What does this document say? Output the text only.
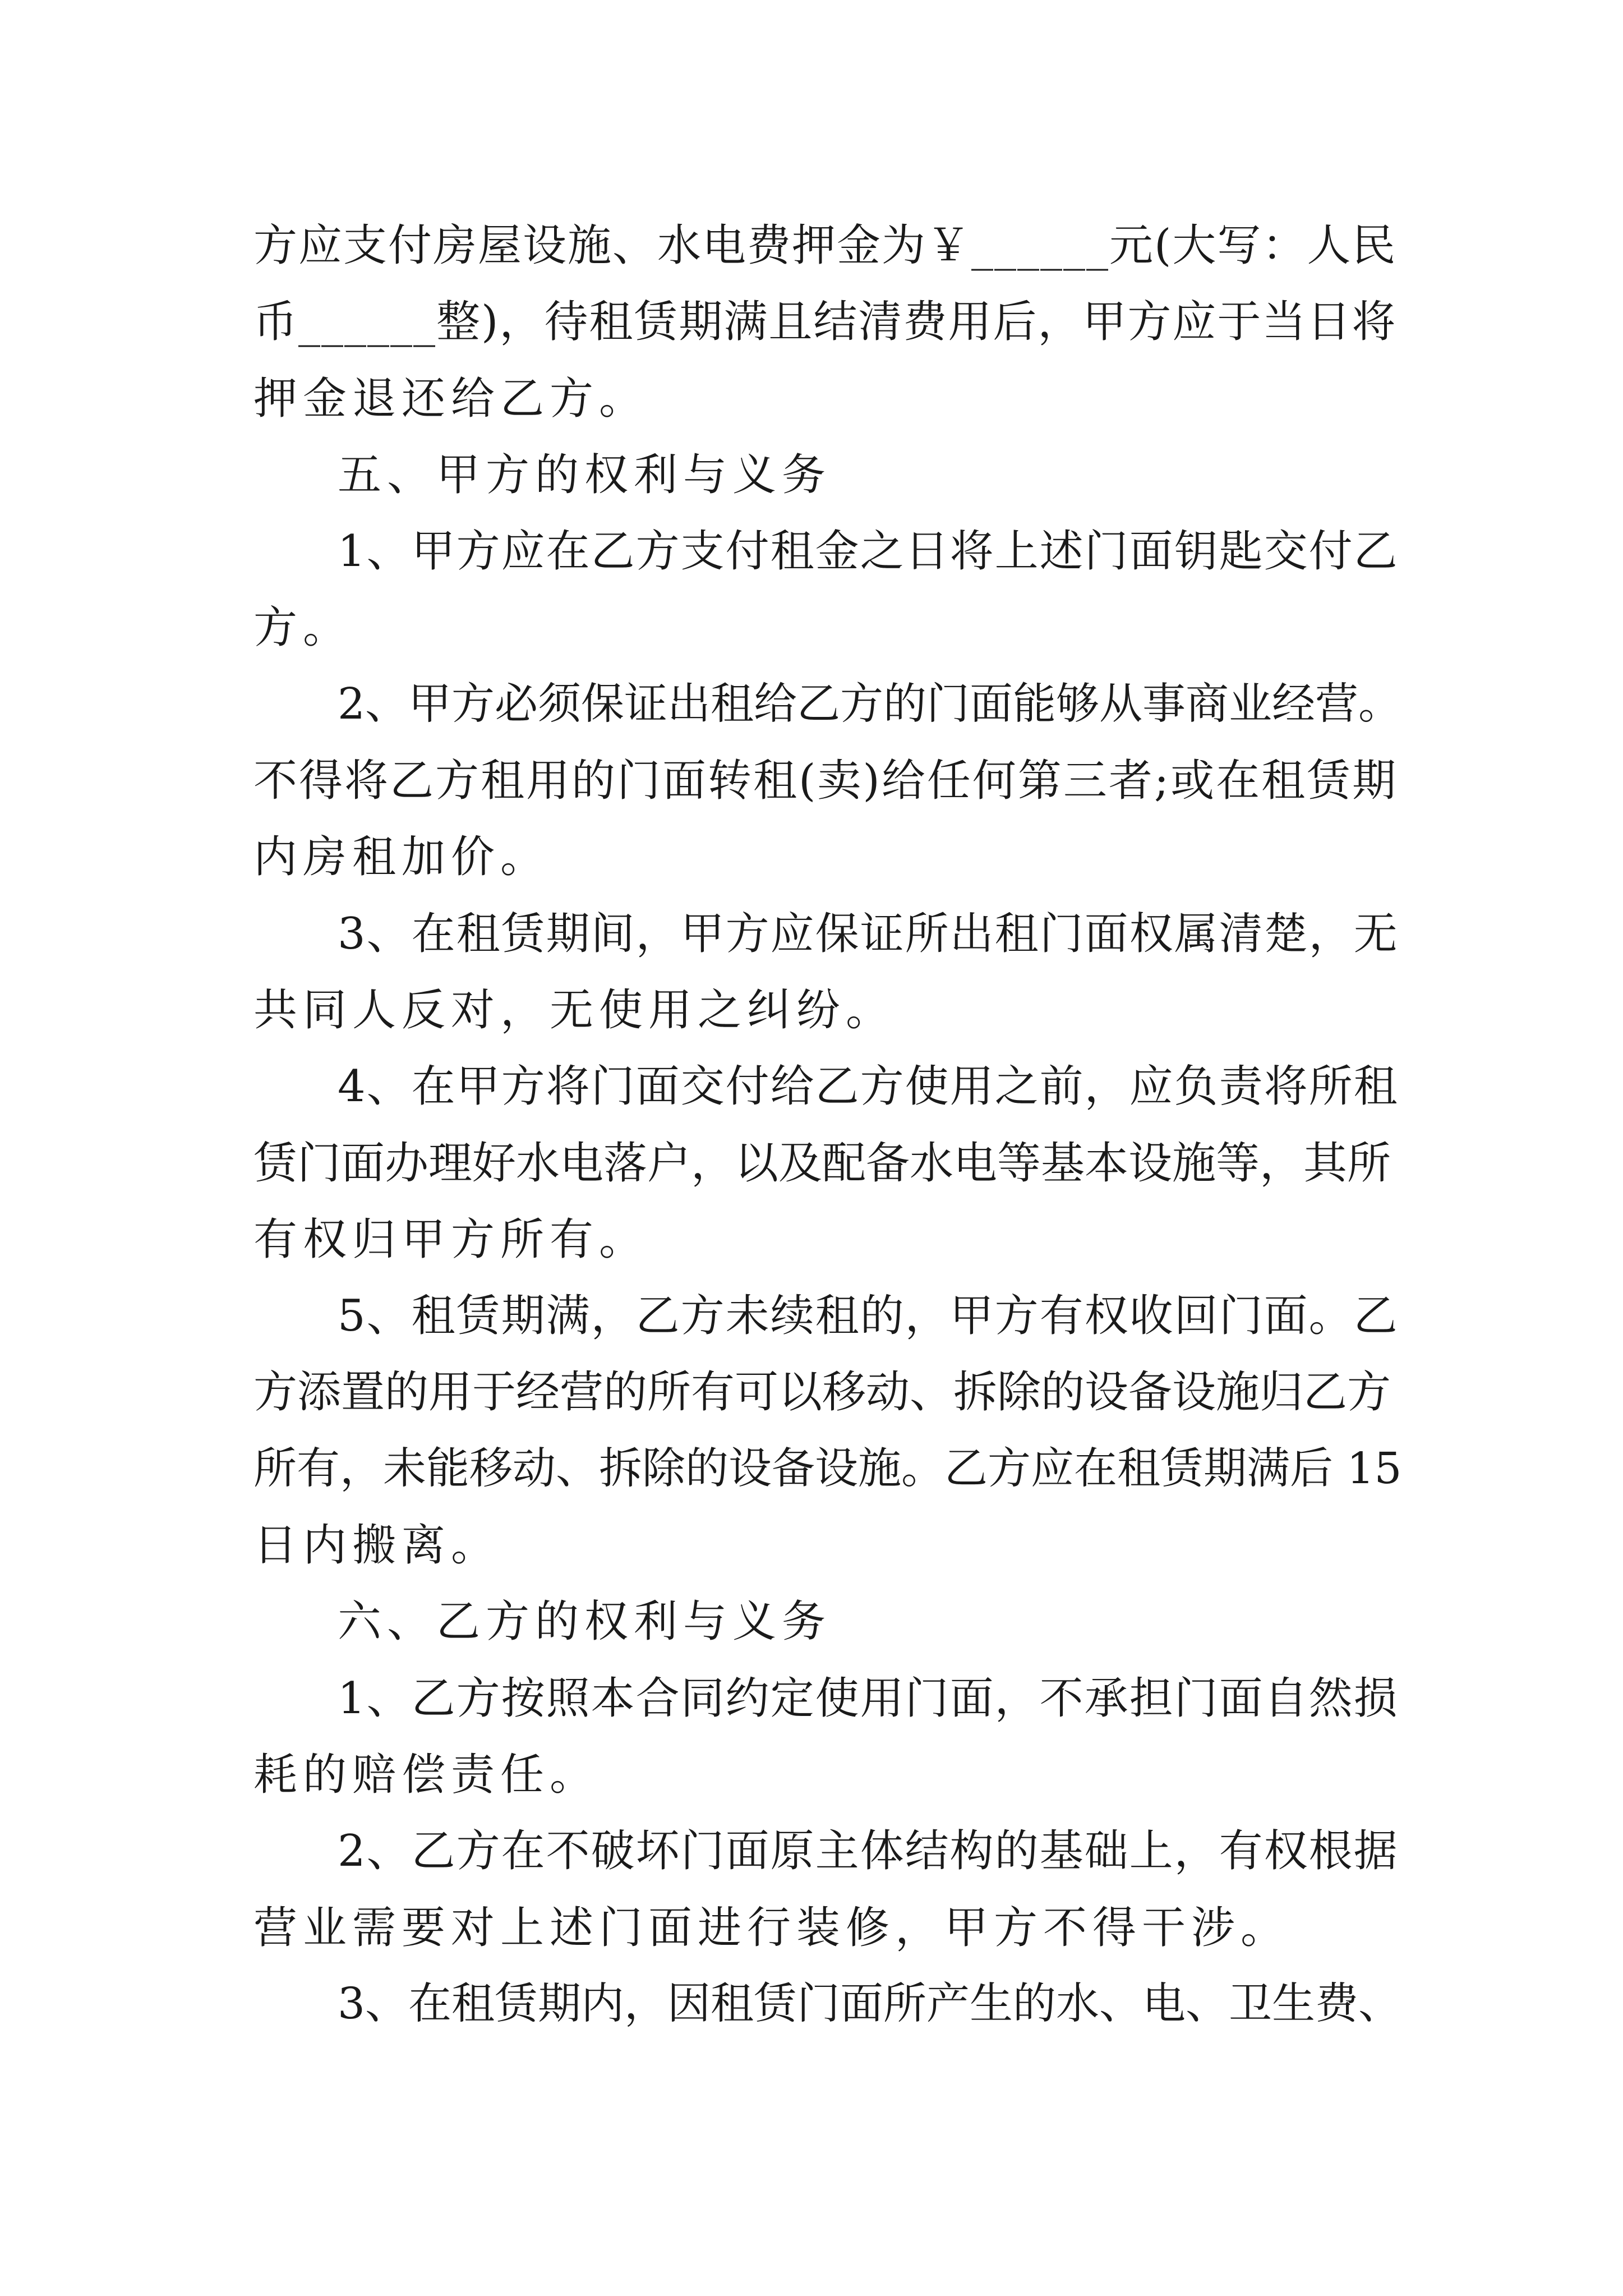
方应支付房屋设施、水电费押金为￥______元(大写：人民
币______整)，待租赁期满且结清费用后，甲方应于当日将
押金退还给乙方。
五、甲方的权利与义务
1、甲方应在乙方支付租金之日将上述门面钥匙交付乙
方。
2、甲方必须保证出租给乙方的门面能够从事商业经营。
不得将乙方租用的门面转租(卖)给任何第三者;或在租赁期
内房租加价。
3、在租赁期间，甲方应保证所出租门面权属清楚，无
共同人反对，无使用之纠纷。
4、在甲方将门面交付给乙方使用之前，应负责将所租
赁门面办理好水电落户，以及配备水电等基本设施等，其所
有权归甲方所有。
5、租赁期满，乙方未续租的，甲方有权收回门面。乙
方添置的用于经营的所有可以移动、拆除的设备设施归乙方
所有，未能移动、拆除的设备设施。乙方应在租赁期满后 15
日内搬离。
六、乙方的权利与义务
1、乙方按照本合同约定使用门面，不承担门面自然损
耗的赔偿责任。
2、乙方在不破坏门面原主体结构的基础上，有权根据
营业需要对上述门面进行装修，甲方不得干涉。
3、在租赁期内，因租赁门面所产生的水、电、卫生费、
